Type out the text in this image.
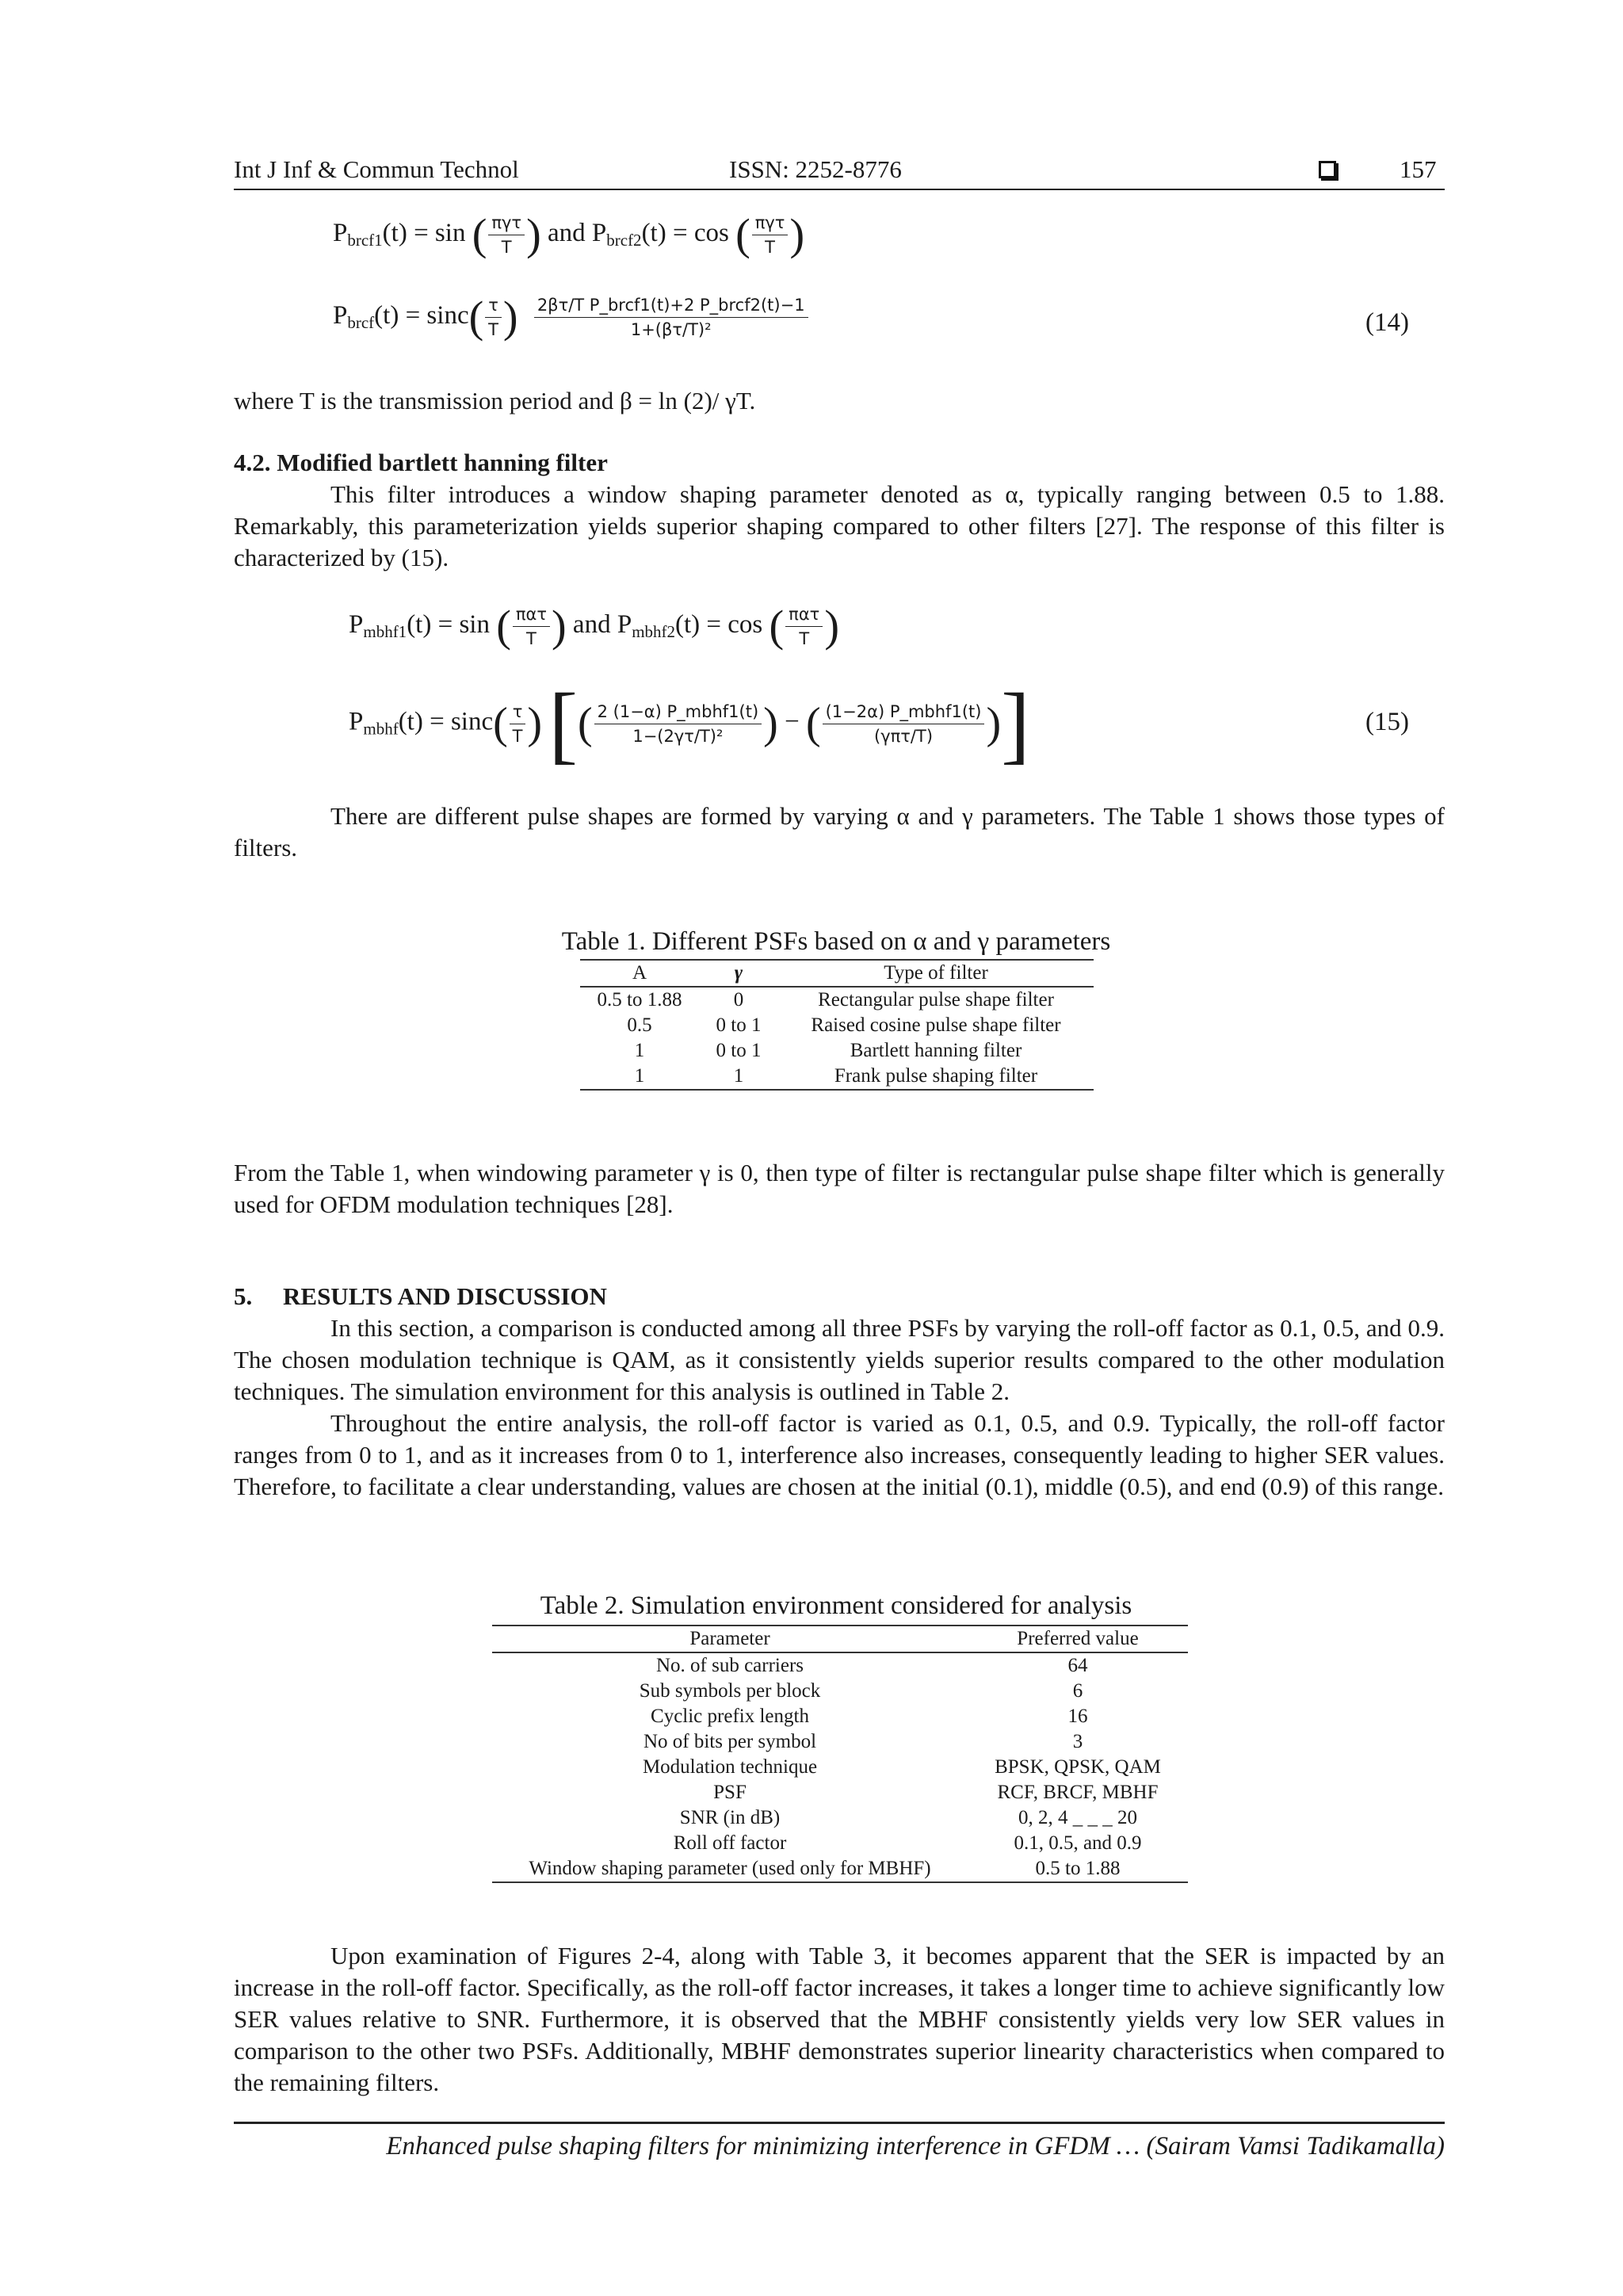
Int J Inf & Commun Technol	ISSN: 2252-8776	157
$P_{brcf1}(t) = \sin$ ( $\frac{\text{πγτ}}{T}$ ) and $P_{brcf2}(t) = \cos$ ( $\frac{\text{πγτ}}{T}$ )
$P_{brcf}(t) = \sin c( \frac{\tau}{T}$ ) $\frac{\text{2βτ/T P\_brcf1(t)+2 P\_brcf2(t)−1}}{\text{1+(βτ/T)²}}$	(14)
where T is the transmission period and β = ln (2)/ γT.
4.2. Modified bartlett hanning filter
This filter introduces a window shaping parameter denoted as α, typically ranging between 0.5 to 1.88. Remarkably, this parameterization yields superior shaping compared to other filters [27]. The response of this filter is characterized by (15).
$P_{mbhf1}(t) = \sin$ ( $\frac{\text{πατ}}{T}$ ) and $P_{mbhf2}(t) = \cos$ ( $\frac{\text{πατ}}{T}$ )
$P_{mbhf}(t) = \sin c( \frac{\tau}{T}$ ) [( $\frac{\text{2 (1−α) P\_mbhf1(t)}}{\text{1−(2γτ/T)²}}$ ) − ( $\frac{\text{(1−2α) P\_mbhf1(t)}}{\text{(γπτ/T)}}$ )]	(15)
There are different pulse shapes are formed by varying α and γ parameters. The Table 1 shows those types of filters.
Table 1. Different PSFs based on α and γ parameters
A	γ	Type of filter
0.5 to 1.88	0	Rectangular pulse shape filter
0.5	0 to 1	Raised cosine pulse shape filter
1	0 to 1	Bartlett hanning filter
1	1	Frank pulse shaping filter
From the Table 1, when windowing parameter γ is 0, then type of filter is rectangular pulse shape filter which is generally used for OFDM modulation techniques [28].
5.     RESULTS AND DISCUSSION
In this section, a comparison is conducted among all three PSFs by varying the roll-off factor as 0.1, 0.5, and 0.9. The chosen modulation technique is QAM, as it consistently yields superior results compared to the other modulation techniques. The simulation environment for this analysis is outlined in Table 2.
Throughout the entire analysis, the roll-off factor is varied as 0.1, 0.5, and 0.9. Typically, the roll-off factor ranges from 0 to 1, and as it increases from 0 to 1, interference also increases, consequently leading to higher SER values. Therefore, to facilitate a clear understanding, values are chosen at the initial (0.1), middle (0.5), and end (0.9) of this range.
Table 2. Simulation environment considered for analysis
Parameter	Preferred value
No. of sub carriers	64
Sub symbols per block	6
Cyclic prefix length	16
No of bits per symbol	3
Modulation technique	BPSK, QPSK, QAM
PSF	RCF, BRCF, MBHF
SNR (in dB)	0, 2, 4 _ _ _ 20
Roll off factor	0.1, 0.5, and 0.9
Window shaping parameter (used only for MBHF)	0.5 to 1.88
Upon examination of Figures 2-4, along with Table 3, it becomes apparent that the SER is impacted by an increase in the roll-off factor. Specifically, as the roll-off factor increases, it takes a longer time to achieve significantly low SER values relative to SNR. Furthermore, it is observed that the MBHF consistently yields very low SER values in comparison to the other two PSFs. Additionally, MBHF demonstrates superior linearity characteristics when compared to the remaining filters.
Enhanced pulse shaping filters for minimizing interference in GFDM … (Sairam Vamsi Tadikamalla)
